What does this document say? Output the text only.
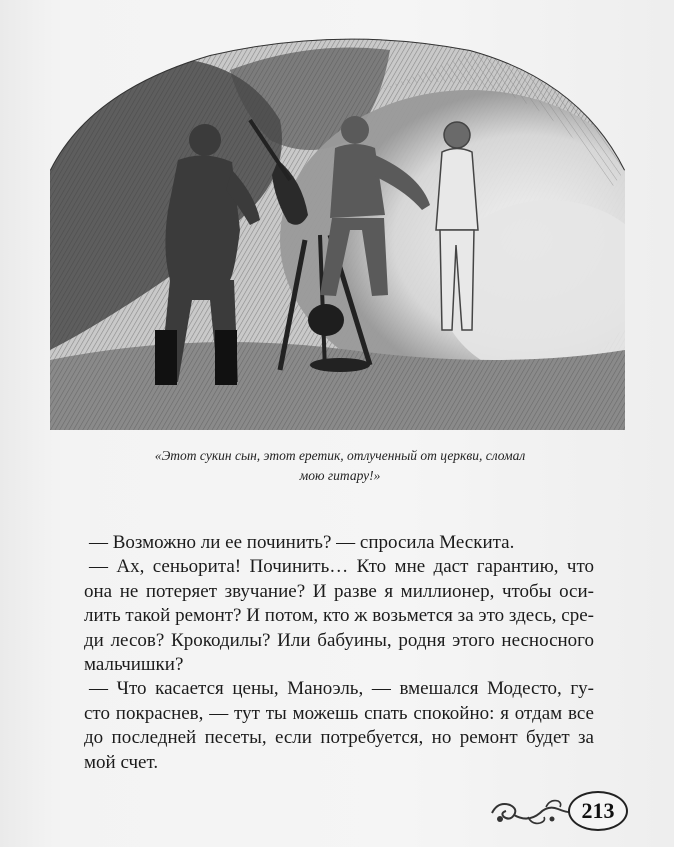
«Этот сукин сын, этот еретик, отлученный от церкви, сломал
мою гитару!»
— Возможно ли ее починить? — спросила Мескита.
— Ах, сеньорита! Починить… Кто мне даст гарантию, что
она не потеряет звучание? И разве я миллионер, чтобы оси-
лить такой ремонт? И потом, кто ж возьмется за это здесь, сре-
ди лесов? Крокодилы? Или бабуины, родня этого несносного
мальчишки?
— Что касается цены, Маноэль, — вмешался Модесто, гу-
сто покраснев, — тут ты можешь спать спокойно: я отдам все
до последней песеты, если потребуется, но ремонт будет за
мой счет.
213
